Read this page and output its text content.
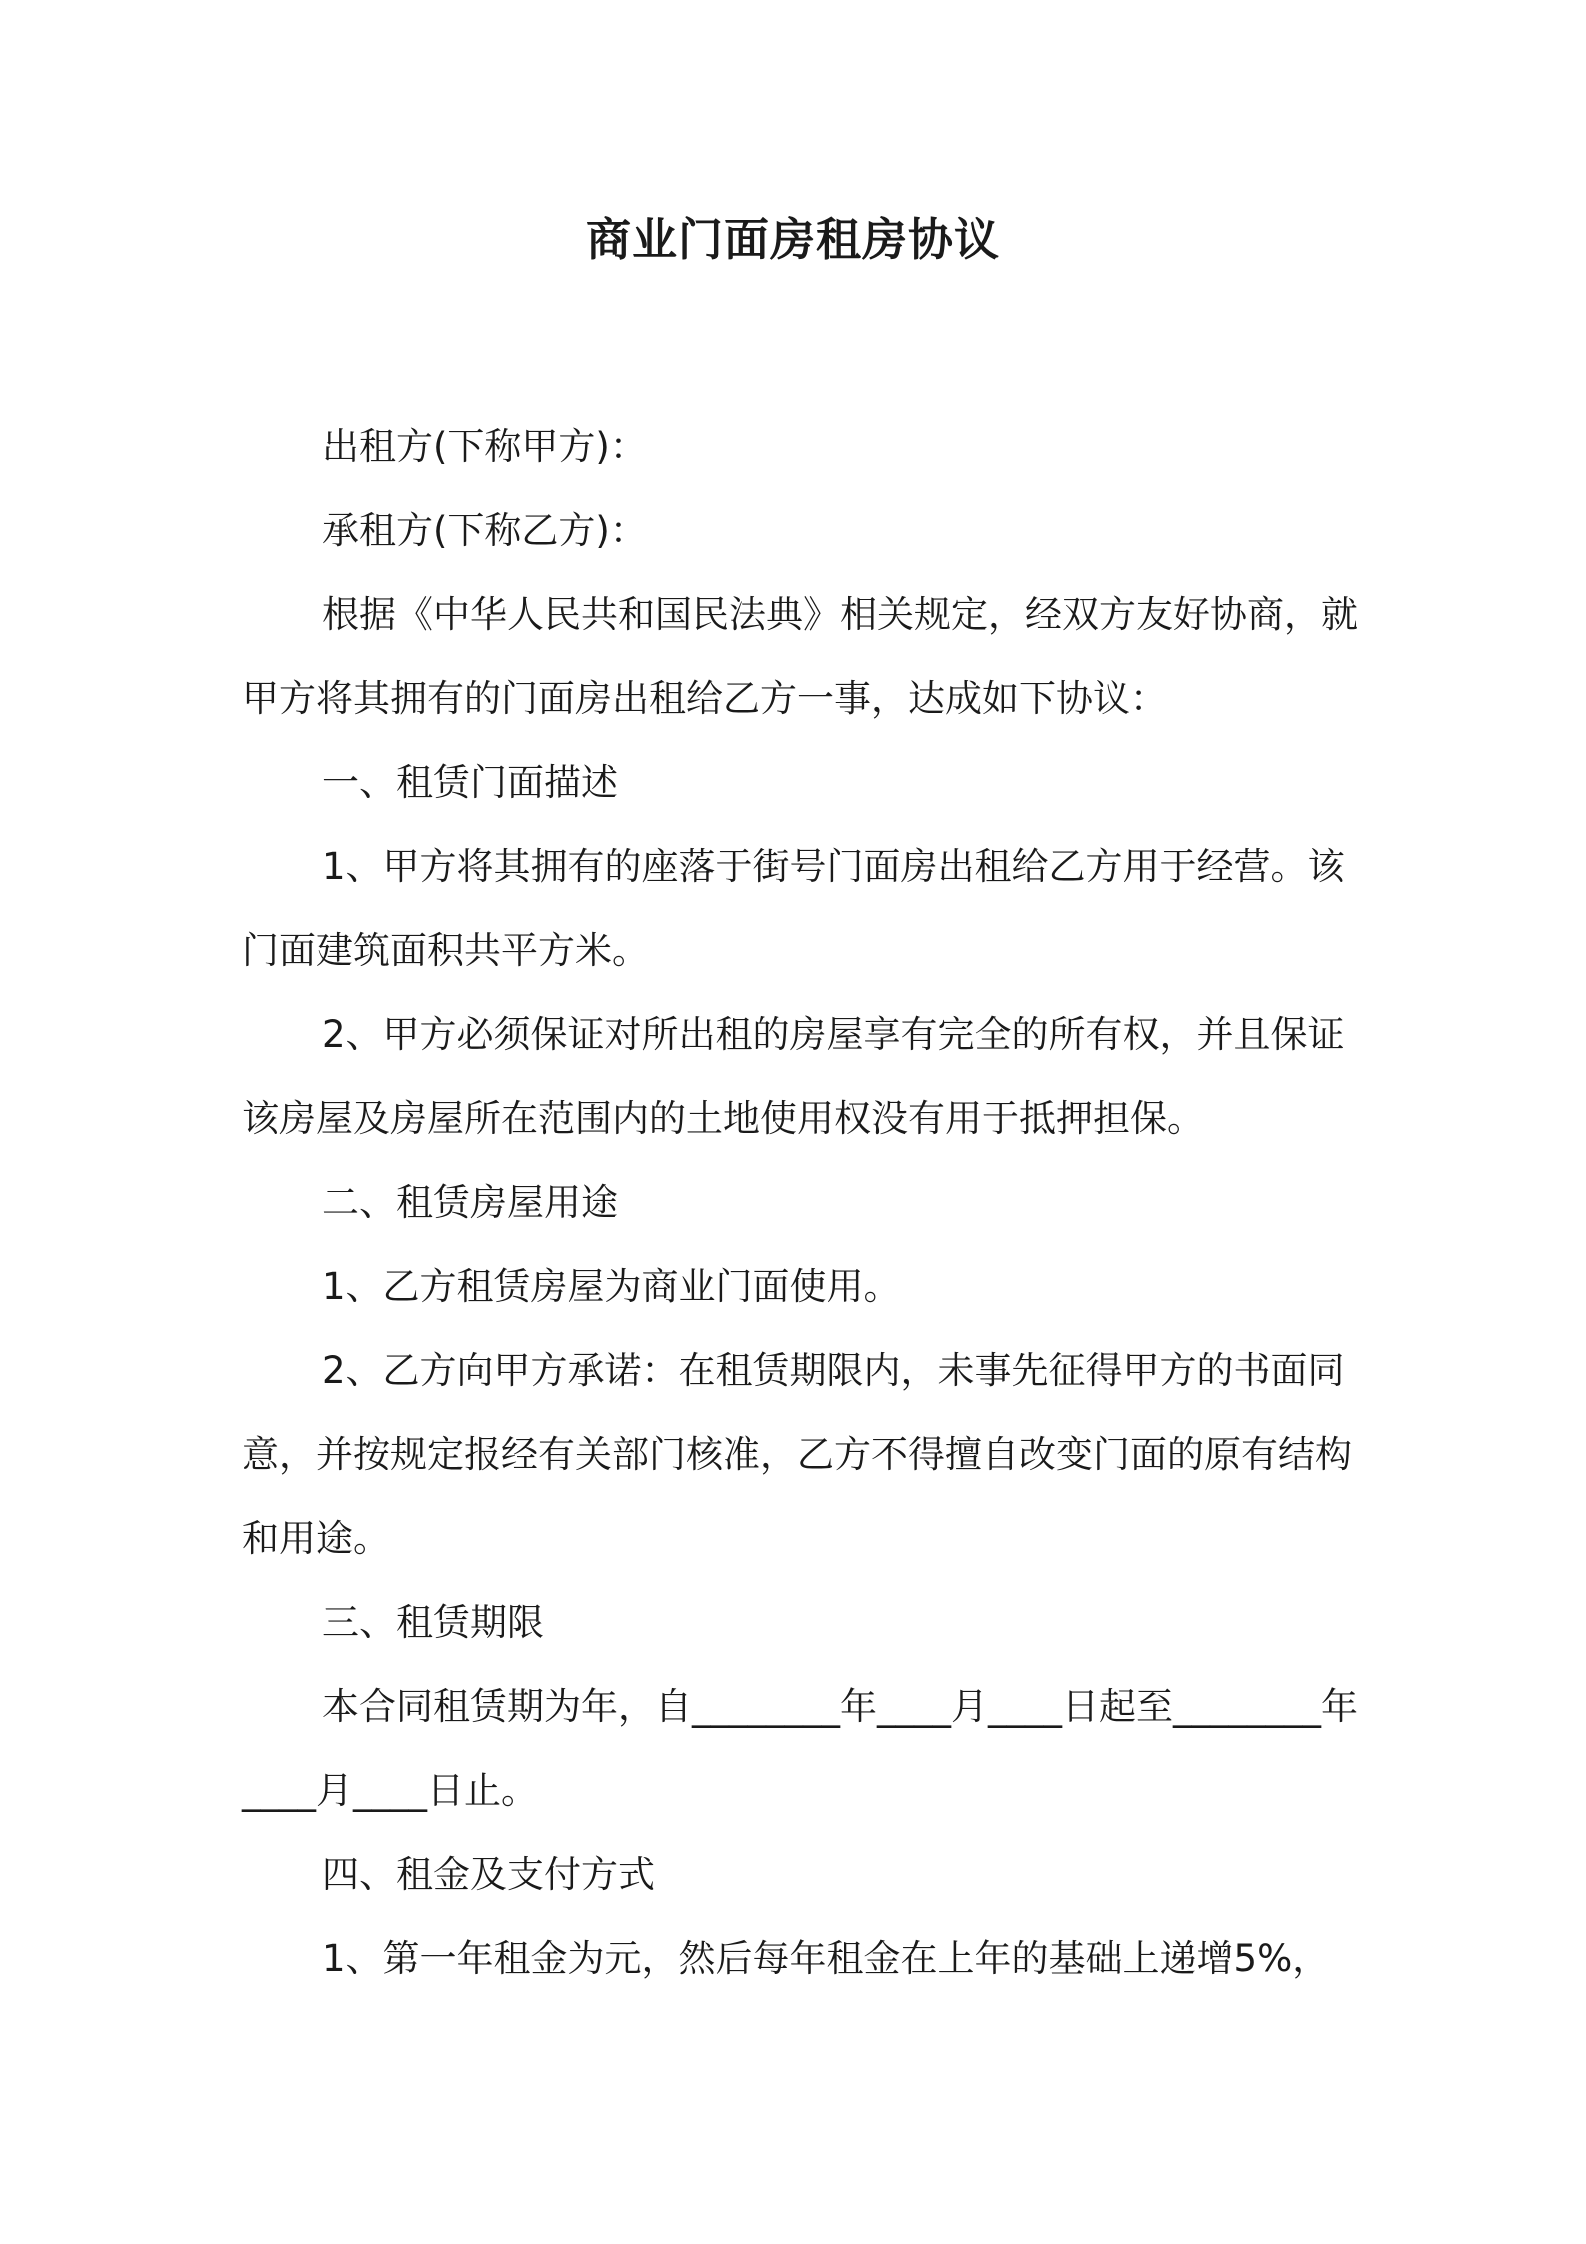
商业门面房租房协议

出租方(下称甲方)：

承租方(下称乙方)：

根据《中华人民共和国民法典》相关规定，经双方友好协商，就甲方将其拥有的门面房出租给乙方一事，达成如下协议：

一、租赁门面描述

1、甲方将其拥有的座落于街号门面房出租给乙方用于经营。该门面建筑面积共平方米。

2、甲方必须保证对所出租的房屋享有完全的所有权，并且保证该房屋及房屋所在范围内的土地使用权没有用于抵押担保。

二、租赁房屋用途

1、乙方租赁房屋为商业门面使用。

2、乙方向甲方承诺：在租赁期限内，未事先征得甲方的书面同意，并按规定报经有关部门核准，乙方不得擅自改变门面的原有结构和用途。

三、租赁期限

本合同租赁期为年，自________年____月____日起至________年____月____日止。

四、租金及支付方式

1、第一年租金为元，然后每年租金在上年的基础上递增5%，
